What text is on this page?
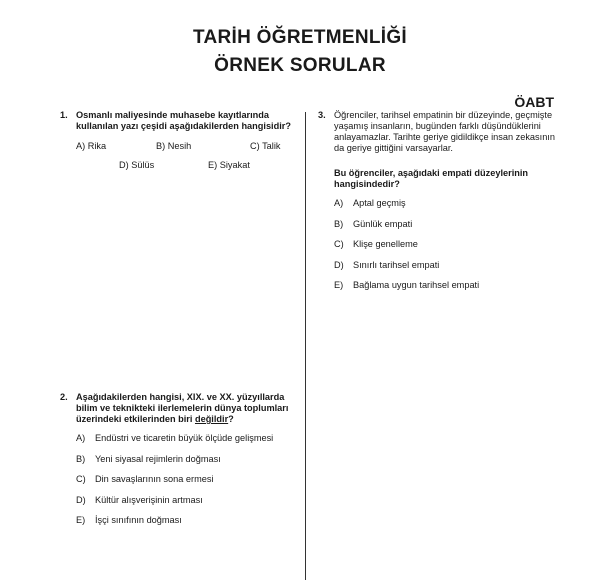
TARİH ÖĞRETMENLİĞİ
ÖRNEK SORULAR
ÖABT
1. Osmanlı maliyesinde muhasebe kayıtlarında
kullanılan yazı çeşidi aşağıdakilerden hangisidir?
A) Rika	B) Nesih	C) Talik
D) Sülüs	E) Siyakat
2. Aşağıdakilerden hangisi, XIX. ve XX. yüzyıllarda
bilim ve teknikteki ilerlemelerin dünya toplumları
üzerindeki etkilerinden biri değildir?
A) Endüstri ve ticaretin büyük ölçüde gelişmesi
B) Yeni siyasal rejimlerin doğması
C) Din savaşlarının sona ermesi
D) Kültür alışverişinin artması
E) İşçi sınıfının doğması
3. Öğrenciler, tarihsel empatinin bir düzeyinde, geçmişte
yaşamış insanların, bugünden farklı düşündüklerini
anlayamazlar. Tarihte geriye gidildikçe insan zekasının
da geriye gittiğini varsayarlar.
Bu öğrenciler, aşağıdaki empati düzeylerinin
hangisindedir?
A) Aptal geçmiş
B) Günlük empati
C) Klişe genelleme
D) Sınırlı tarihsel empati
E) Bağlama uygun tarihsel empati
